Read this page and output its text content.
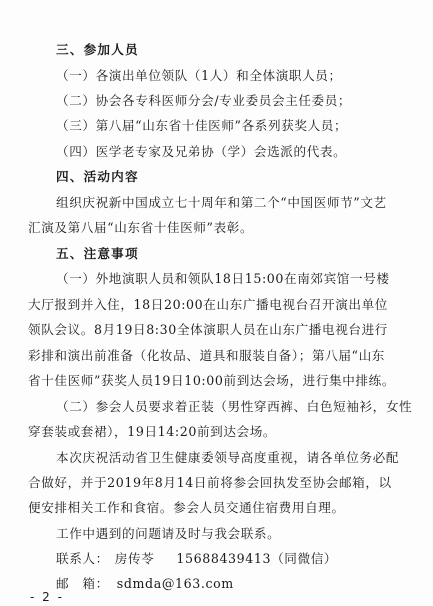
三、参加人员
（一）各演出单位领队（1人）和全体演职人员；
（二）协会各专科医师分会/专业委员会主任委员；
（三）第八届“山东省十佳医师”各系列获奖人员；
（四）医学老专家及兄弟协（学）会选派的代表。
四、活动内容
组织庆祝新中国成立七十周年和第二个“中国医师节”文艺
汇演及第八届“山东省十佳医师”表彰。
五、注意事项
（一）外地演职人员和领队18日15:00在南郊宾馆一号楼
大厅报到并入住，18日20:00在山东广播电视台召开演出单位
领队会议。8月19日8:30全体演职人员在山东广播电视台进行
彩排和演出前准备（化妆品、道具和服装自备）；第八届“山东
省十佳医师”获奖人员19日10:00前到达会场，进行集中排练。
（二）参会人员要求着正装（男性穿西裤、白色短袖衫，女性
穿套装或套裙），19日14:20前到达会场。
本次庆祝活动省卫生健康委领导高度重视，请各单位务必配
合做好，并于2019年8月14日前将参会回执发至协会邮箱，以
便安排相关工作和食宿。参会人员交通住宿费用自理。
工作中遇到的问题请及时与我会联系。
联系人： 房传苓 15688439413（同微信）
邮　箱： sdmda@163.com
- 2 -
